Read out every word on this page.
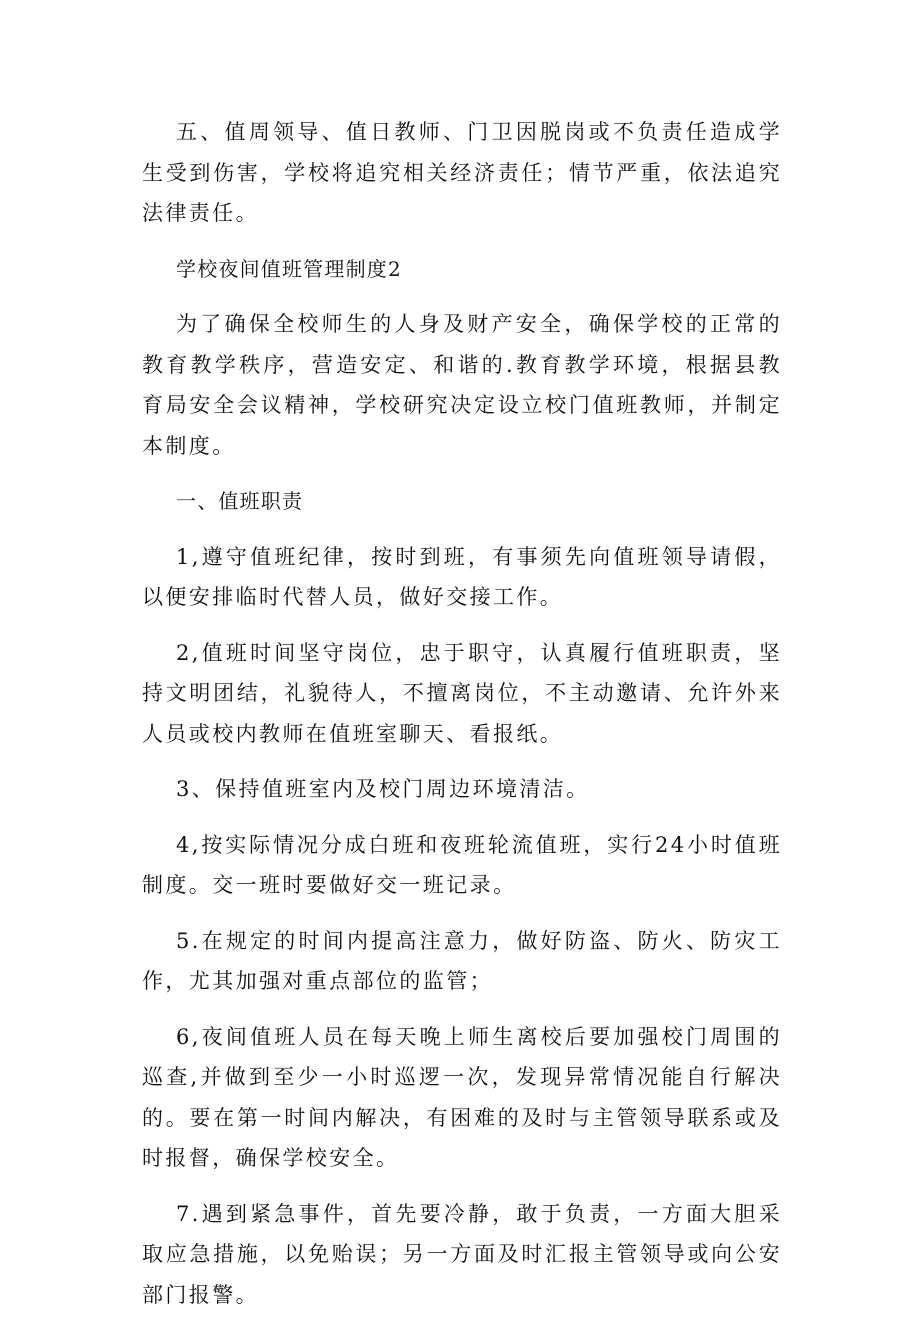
五、值周领导、值日教师、门卫因脱岗或不负责任造成学生受到伤害，学校将追究相关经济责任；情节严重，依法追究法律责任。

学校夜间值班管理制度2

为了确保全校师生的人身及财产安全，确保学校的正常的教育教学秩序，营造安定、和谐的.教育教学环境，根据县教育局安全会议精神，学校研究决定设立校门值班教师，并制定本制度。

一、值班职责

1,遵守值班纪律，按时到班，有事须先向值班领导请假，以便安排临时代替人员，做好交接工作。

2,值班时间坚守岗位，忠于职守，认真履行值班职责，坚持文明团结，礼貌待人，不擅离岗位，不主动邀请、允许外来人员或校内教师在值班室聊天、看报纸。

3、保持值班室内及校门周边环境清洁。

4,按实际情况分成白班和夜班轮流值班，实行24小时值班制度。交一班时要做好交一班记录。

5.在规定的时间内提高注意力，做好防盗、防火、防灾工作，尤其加强对重点部位的监管；

6,夜间值班人员在每天晚上师生离校后要加强校门周围的巡查,并做到至少一小时巡逻一次，发现异常情况能自行解决的。要在第一时间内解决，有困难的及时与主管领导联系或及时报督，确保学校安全。

7.遇到紧急事件，首先要冷静，敢于负责，一方面大胆采取应急措施，以免贻误；另一方面及时汇报主管领导或向公安部门报警。
